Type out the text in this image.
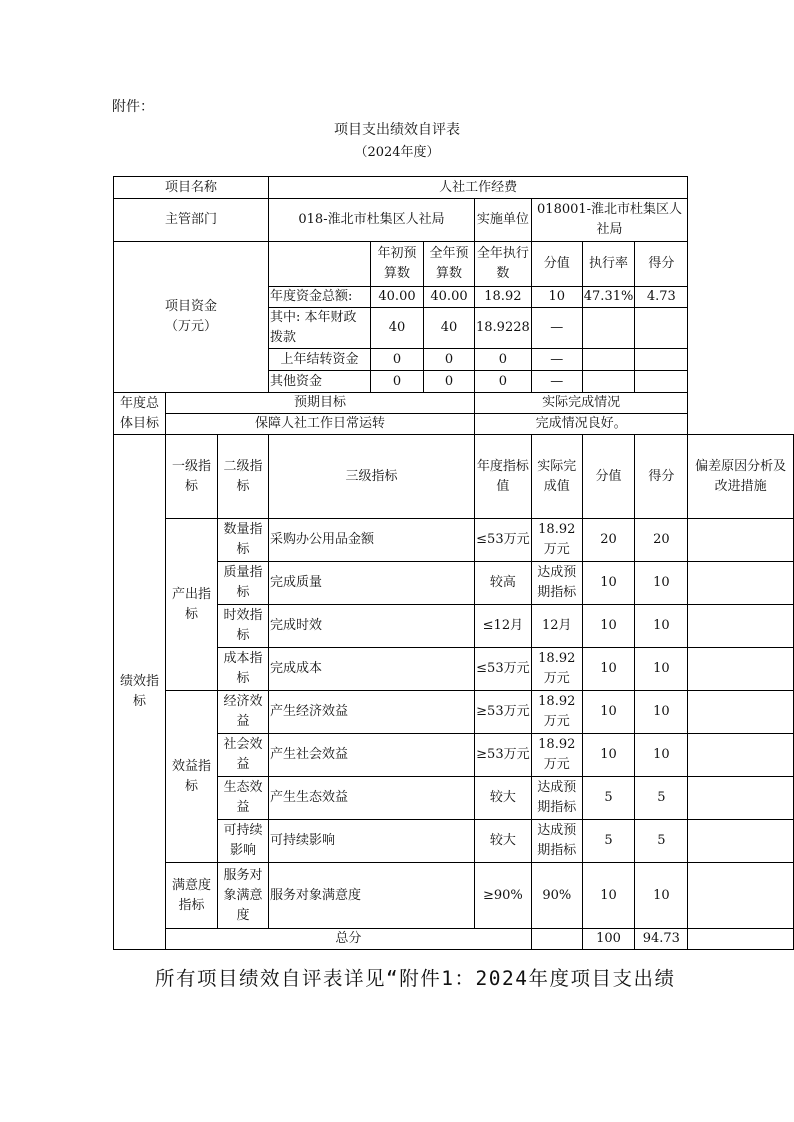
附件：
项目支出绩效自评表
（2024年度）
项目名称			人社工作经费							
主管部门			018-淮北市杜集区人社局			实施单位	018001-淮北市杜集区人社局			

项目资金
（万元）				年初预算数	全年预算数	全年执行数	分值	执行率	得分	
			年度资金总额:	40.00	40.00	18.92	10	47.31%	4.73	
			其中: 本年财政拨款	40	40	18.9228	—			
			上年结转资金	0	0	0	—			
			其他资金	0	0	0	—			
年度总体目标	预期目标					实际完成情况				
	保障人社工作日常运转					完成情况良好。				
绩效指标	一级指标	二级指标	三级指标			年度指标值	实际完成值	分值	得分	偏差原因分析及改进措施
	产出指标	数量指标	采购办公用品金额			≤53万元	18.92万元	20	20	
		质量指标	完成质量			较高	达成预期指标	10	10	
		时效指标	完成时效			≤12月	12月	10	10	
		成本指标	完成成本			≤53万元	18.92万元	10	10	
	效益指标	经济效益	产生经济效益			≥53万元	18.92万元	10	10	
		社会效益	产生社会效益			≥53万元	18.92万元	10	10	
		生态效益	产生生态效益			较大	达成预期指标	5	5	
		可持续影响	可持续影响			较大	达成预期指标	5	5	
	满意度指标	服务对象满意度	服务对象满意度			≥90%	90%	10	10	
	总分							100	94.73	
所有项目绩效自评表详见“附件1：2024年度项目支出绩
